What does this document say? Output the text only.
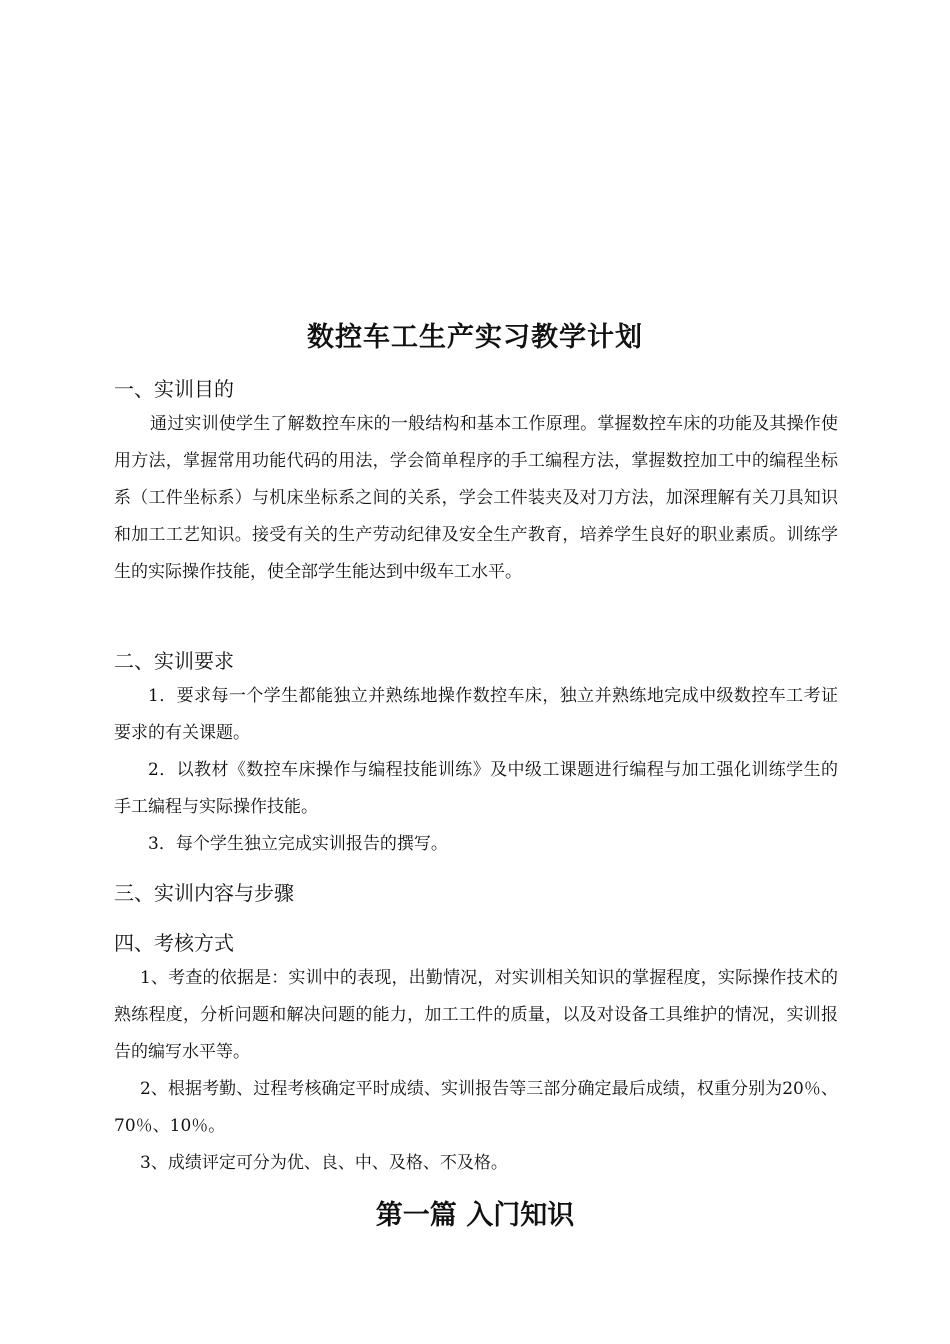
数控车工生产实习教学计划
一、实训目的

通过实训使学生了解数控车床的一般结构和基本工作原理。掌握数控车床的功能及其操作使用方法，掌握常用功能代码的用法，学会简单程序的手工编程方法，掌握数控加工中的编程坐标系（工件坐标系）与机床坐标系之间的关系，学会工件装夹及对刀方法，加深理解有关刀具知识和加工工艺知识。接受有关的生产劳动纪律及安全生产教育，培养学生良好的职业素质。训练学生的实际操作技能，使全部学生能达到中级车工水平。

二、实训要求

1．要求每一个学生都能独立并熟练地操作数控车床，独立并熟练地完成中级数控车工考证要求的有关课题。

2．以教材《数控车床操作与编程技能训练》及中级工课题进行编程与加工强化训练学生的手工编程与实际操作技能。

3．每个学生独立完成实训报告的撰写。

三、实训内容与步骤
四、考核方式

1、考查的依据是：实训中的表现，出勤情况，对实训相关知识的掌握程度，实际操作技术的熟练程度，分析问题和解决问题的能力，加工工件的质量，以及对设备工具维护的情况，实训报告的编写水平等。

2、根据考勤、过程考核确定平时成绩、实训报告等三部分确定最后成绩，权重分别为20％、70％、10％。

3、成绩评定可分为优、良、中、及格、不及格。

第一篇 入门知识
